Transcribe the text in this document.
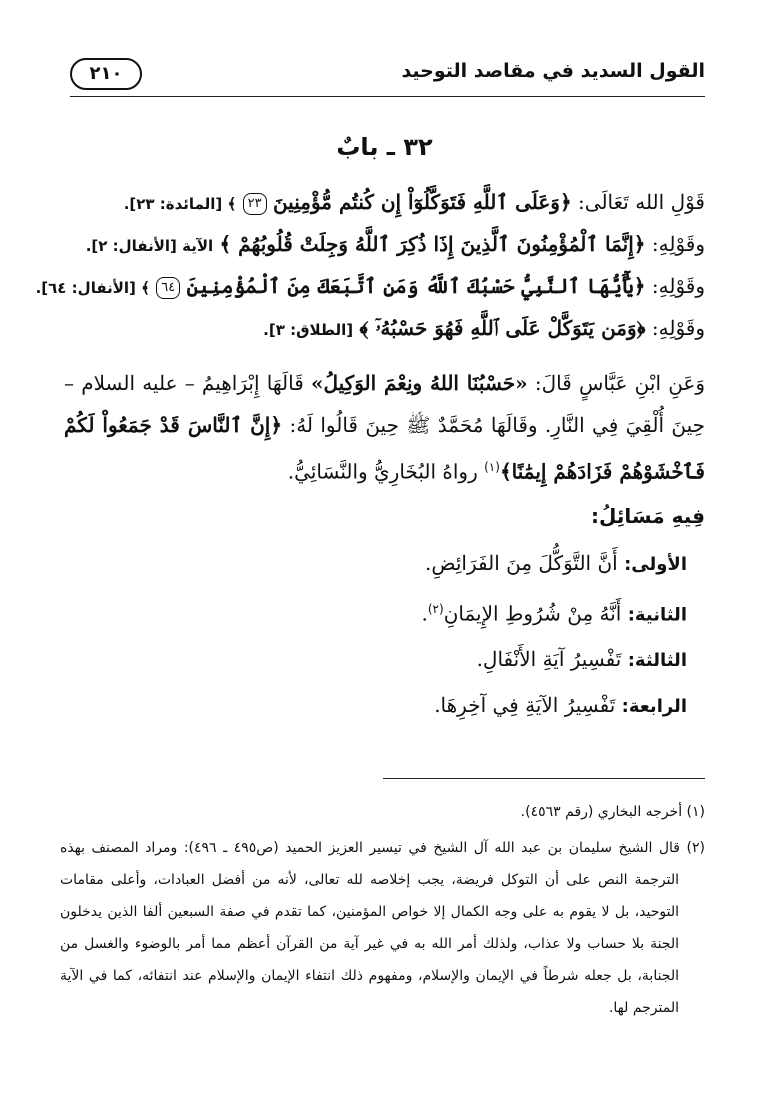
القول السديد في مقاصد التوحيد
٢١٠
٣٢ ـ بابٌ

قَوْلِ الله تَعَالَى: ﴿وَعَلَى ٱللَّهِ فَتَوَكَّلُوٓاْ إِن كُنتُم مُّؤْمِنِينَ ٢٣ ﴾ [المائدة: ٢٣].

وقَوْلِهِ: ﴿إِنَّمَا ٱلْمُؤْمِنُونَ ٱلَّذِينَ إِذَا ذُكِرَ ٱللَّهُ وَجِلَتْ قُلُوبُهُمْ ﴾ الآية [الأنفال: ٢].

وقَوْلِهِ: ﴿يَٰٓأَيُّهَا ٱلنَّبِيُّ حَسْبُكَ ٱللَّهُ وَمَنِ ٱتَّبَعَكَ مِنَ ٱلْمُؤْمِنِينَ ٦٤ ﴾ [الأنفال: ٦٤].

وقَوْلِهِ: ﴿وَمَن يَتَوَكَّلْ عَلَى ٱللَّهِ فَهُوَ حَسْبُهُۥٓ ﴾ [الطلاق: ٣].

وَعَنِ ابْنِ عَبَّاسٍ قَالَ: «حَسْبُنَا اللهُ ونِعْمَ الوَكِيلُ» قَالَهَا إِبْرَاهِيمُ – عليه السلام – حِينَ أُلْقِيَ فِي النَّارِ. وقَالَهَا مُحَمَّدٌ ﷺ حِينَ قَالُوا لَهُ: ﴿إِنَّ ٱلنَّاسَ قَدْ جَمَعُواْ لَكُمْ فَٱخْشَوْهُمْ فَزَادَهُمْ إِيمَٰنًا﴾$^{(١)}$ رواهُ البُخَارِيُّ والنَّسَائِيُّ.

فِيهِ مَسَائِلُ:

الأولى: أَنَّ التَّوَكُّلَ مِنَ الفَرَائِضِ.

الثانية: أَنَّهُ مِنْ شُرُوطِ الإِيمَانِ$^{(٢)}$.

الثالثة: تَفْسِيرُ آيَةِ الأَنْفَالِ.

الرابعة: تَفْسِيرُ الآيَةِ فِي آخِرِهَا.

(١) أخرجه البخاري (رقم ٤٥٦٣).

(٢) قال الشيخ سليمان بن عبد الله آل الشيخ في تيسير العزيز الحميد (ص٤٩٥ ـ ٤٩٦): ومراد المصنف بهذه الترجمة النص على أن التوكل فريضة، يجب إخلاصه لله تعالى، لأنه من أفضل العبادات، وأعلى مقامات التوحيد، بل لا يقوم به على وجه الكمال إلا خواص المؤمنين، كما تقدم في صفة السبعين ألفا الذين يدخلون الجنة بلا حساب ولا عذاب، ولذلك أمر الله به في غير آية من القرآن أعظم مما أمر بالوضوء والغسل من الجنابة، بل جعله شرطاً في الإيمان والإسلام، ومفهوم ذلك انتفاء الإيمان والإسلام عند انتفائه، كما في الآية المترجم لها.
